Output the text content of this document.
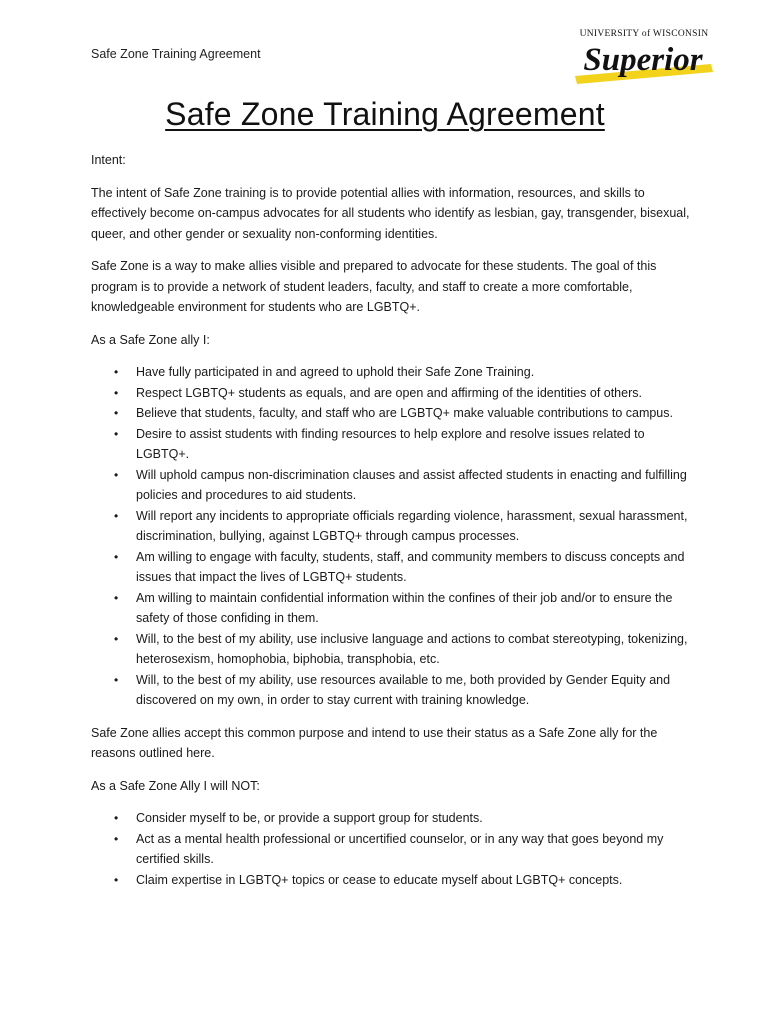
Safe Zone Training Agreement
UNIVERSITY of WISCONSIN
Superior
Safe Zone Training Agreement

Intent:

The intent of Safe Zone training is to provide potential allies with information, resources, and skills to effectively become on-campus advocates for all students who identify as lesbian, gay, transgender, bisexual, queer, and other gender or sexuality non-conforming identities.

Safe Zone is a way to make allies visible and prepared to advocate for these students. The goal of this program is to provide a network of student leaders, faculty, and staff to create a more comfortable, knowledgeable environment for students who are LGBTQ+.

As a Safe Zone ally I:

• Have fully participated in and agreed to uphold their Safe Zone Training.
• Respect LGBTQ+ students as equals, and are open and affirming of the identities of others.
• Believe that students, faculty, and staff who are LGBTQ+ make valuable contributions to campus.
• Desire to assist students with finding resources to help explore and resolve issues related to LGBTQ+.
• Will uphold campus non-discrimination clauses and assist affected students in enacting and fulfilling policies and procedures to aid students.
• Will report any incidents to appropriate officials regarding violence, harassment, sexual harassment, discrimination, bullying, against LGBTQ+ through campus processes.
• Am willing to engage with faculty, students, staff, and community members to discuss concepts and issues that impact the lives of LGBTQ+ students.
• Am willing to maintain confidential information within the confines of their job and/or to ensure the safety of those confiding in them.
• Will, to the best of my ability, use inclusive language and actions to combat stereotyping, tokenizing, heterosexism, homophobia, biphobia, transphobia, etc.
• Will, to the best of my ability, use resources available to me, both provided by Gender Equity and discovered on my own, in order to stay current with training knowledge.

Safe Zone allies accept this common purpose and intend to use their status as a Safe Zone ally for the reasons outlined here.

As a Safe Zone Ally I will NOT:

• Consider myself to be, or provide a support group for students.
• Act as a mental health professional or uncertified counselor, or in any way that goes beyond my certified skills.
• Claim expertise in LGBTQ+ topics or cease to educate myself about LGBTQ+ concepts.
